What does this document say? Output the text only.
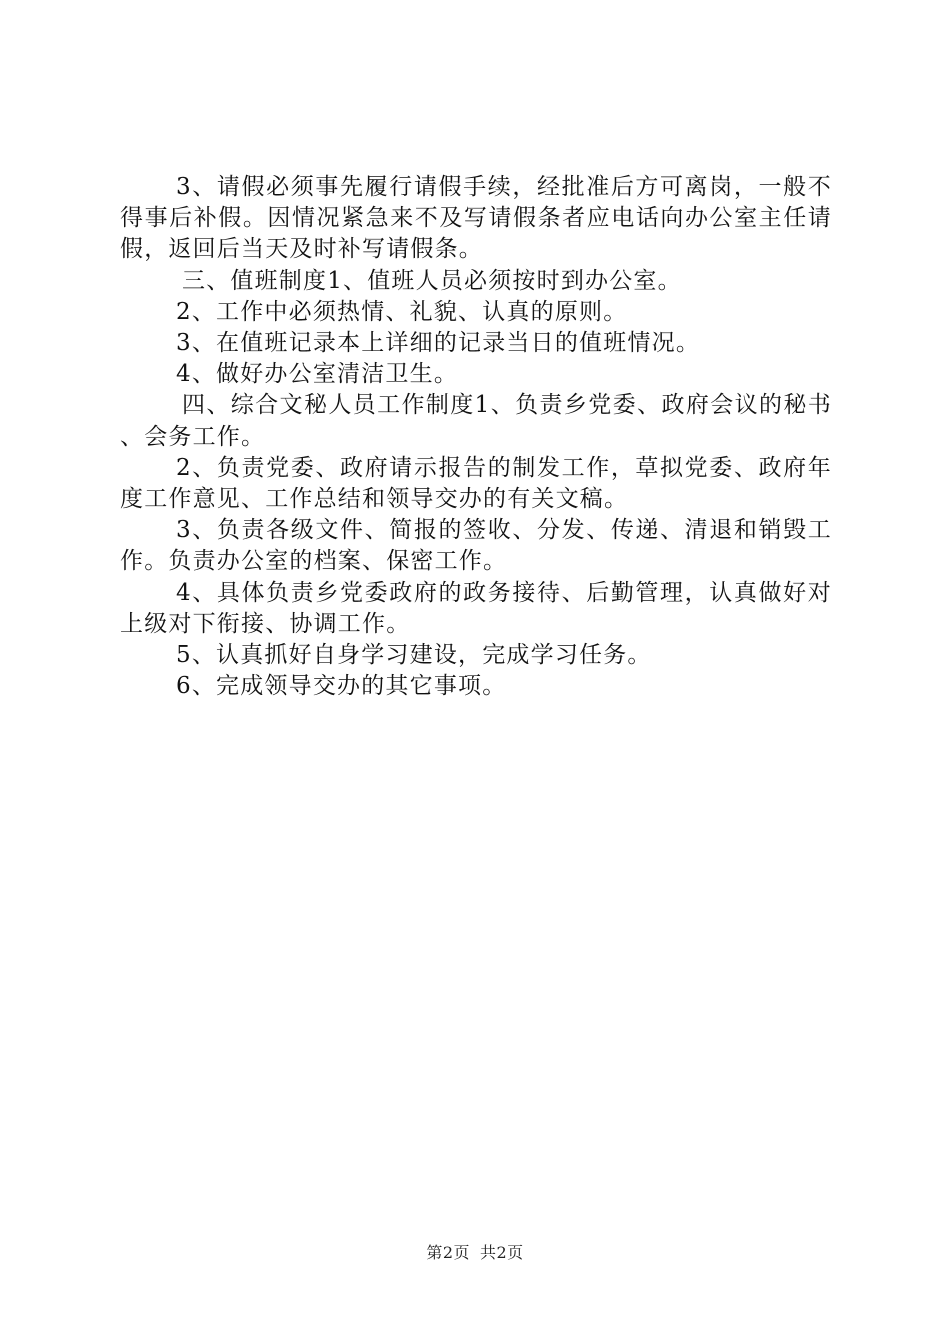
3、请假必须事先履行请假手续，经批准后方可离岗，一般不得事后补假。因情况紧急来不及写请假条者应电话向办公室主任请假，返回后当天及时补写请假条。

三、值班制度1、值班人员必须按时到办公室。

2、工作中必须热情、礼貌、认真的原则。

3、在值班记录本上详细的记录当日的值班情况。

4、做好办公室清洁卫生。

四、综合文秘人员工作制度1、负责乡党委、政府会议的秘书、会务工作。

2、负责党委、政府请示报告的制发工作，草拟党委、政府年度工作意见、工作总结和领导交办的有关文稿。

3、负责各级文件、简报的签收、分发、传递、清退和销毁工作。负责办公室的档案、保密工作。

4、具体负责乡党委政府的政务接待、后勤管理，认真做好对上级对下衔接、协调工作。

5、认真抓好自身学习建设，完成学习任务。

6、完成领导交办的其它事项。

第2页 共2页
